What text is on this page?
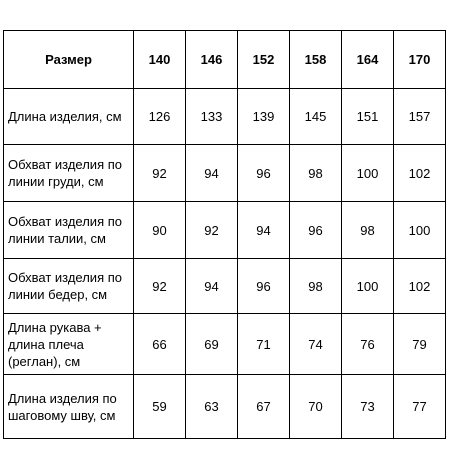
Размер	140	146	152	158	164	170
Длина изделия, см	126	133	139	145	151	157
Обхват изделия по линии груди, см	92	94	96	98	100	102
Обхват изделия по линии талии, см	90	92	94	96	98	100
Обхват изделия по линии бедер, см	92	94	96	98	100	102
Длина рукава + длина плеча (реглан), см	66	69	71	74	76	79
Длина изделия по шаговому шву, см	59	63	67	70	73	77
